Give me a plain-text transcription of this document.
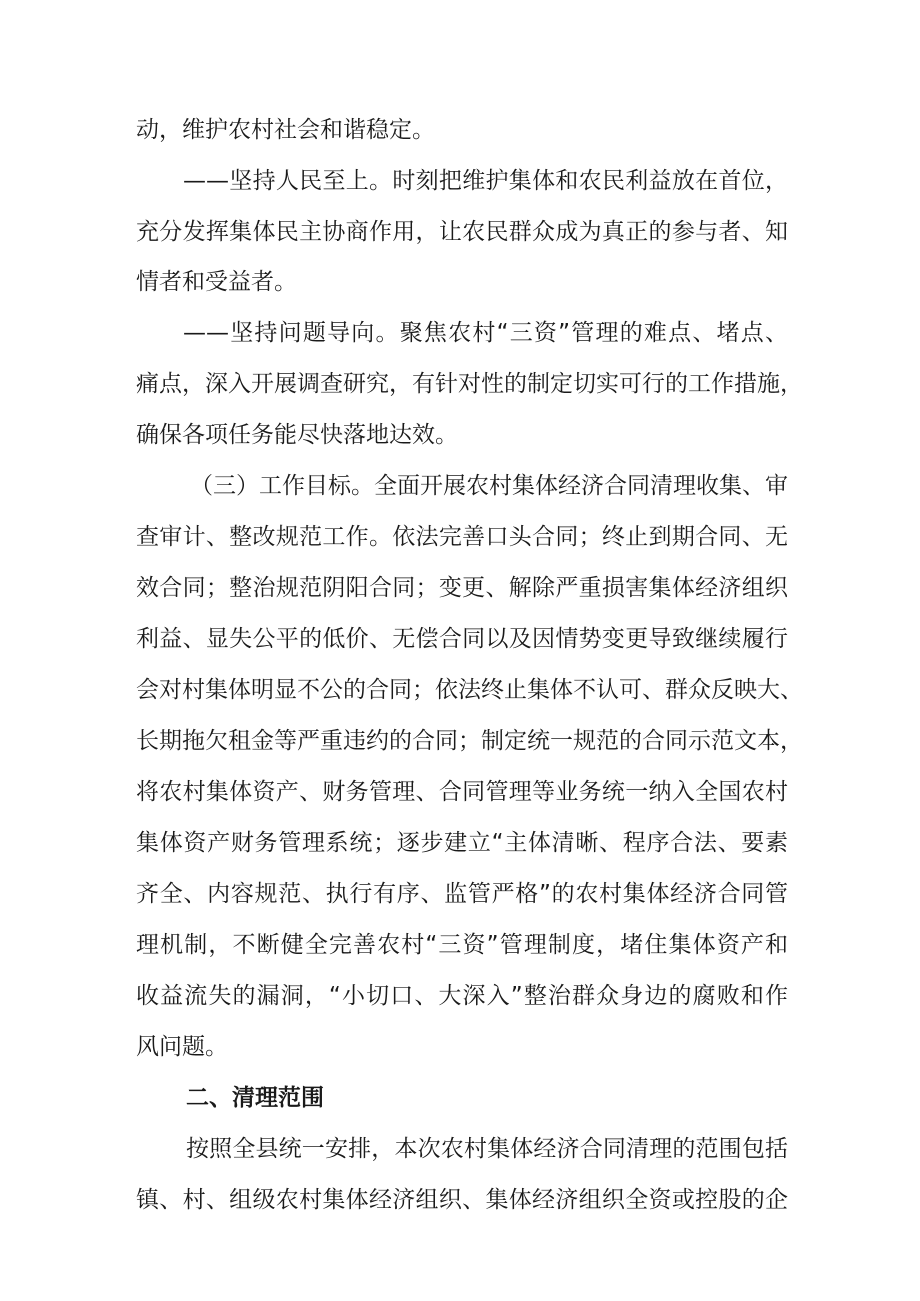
动，维护农村社会和谐稳定。
——坚持人民至上。时刻把维护集体和农民利益放在首位，
充分发挥集体民主协商作用，让农民群众成为真正的参与者、知
情者和受益者。
——坚持问题导向。聚焦农村“三资”管理的难点、堵点、
痛点，深入开展调查研究，有针对性的制定切实可行的工作措施，
确保各项任务能尽快落地达效。
（三）工作目标。全面开展农村集体经济合同清理收集、审
查审计、整改规范工作。依法完善口头合同；终止到期合同、无
效合同；整治规范阴阳合同；变更、解除严重损害集体经济组织
利益、显失公平的低价、无偿合同以及因情势变更导致继续履行
会对村集体明显不公的合同；依法终止集体不认可、群众反映大、
长期拖欠租金等严重违约的合同；制定统一规范的合同示范文本，
将农村集体资产、财务管理、合同管理等业务统一纳入全国农村
集体资产财务管理系统；逐步建立“主体清晰、程序合法、要素
齐全、内容规范、执行有序、监管严格”的农村集体经济合同管
理机制，不断健全完善农村“三资”管理制度，堵住集体资产和
收益流失的漏洞，“小切口、大深入”整治群众身边的腐败和作
风问题。
二、清理范围
按照全县统一安排，本次农村集体经济合同清理的范围包括
镇、村、组级农村集体经济组织、集体经济组织全资或控股的企
